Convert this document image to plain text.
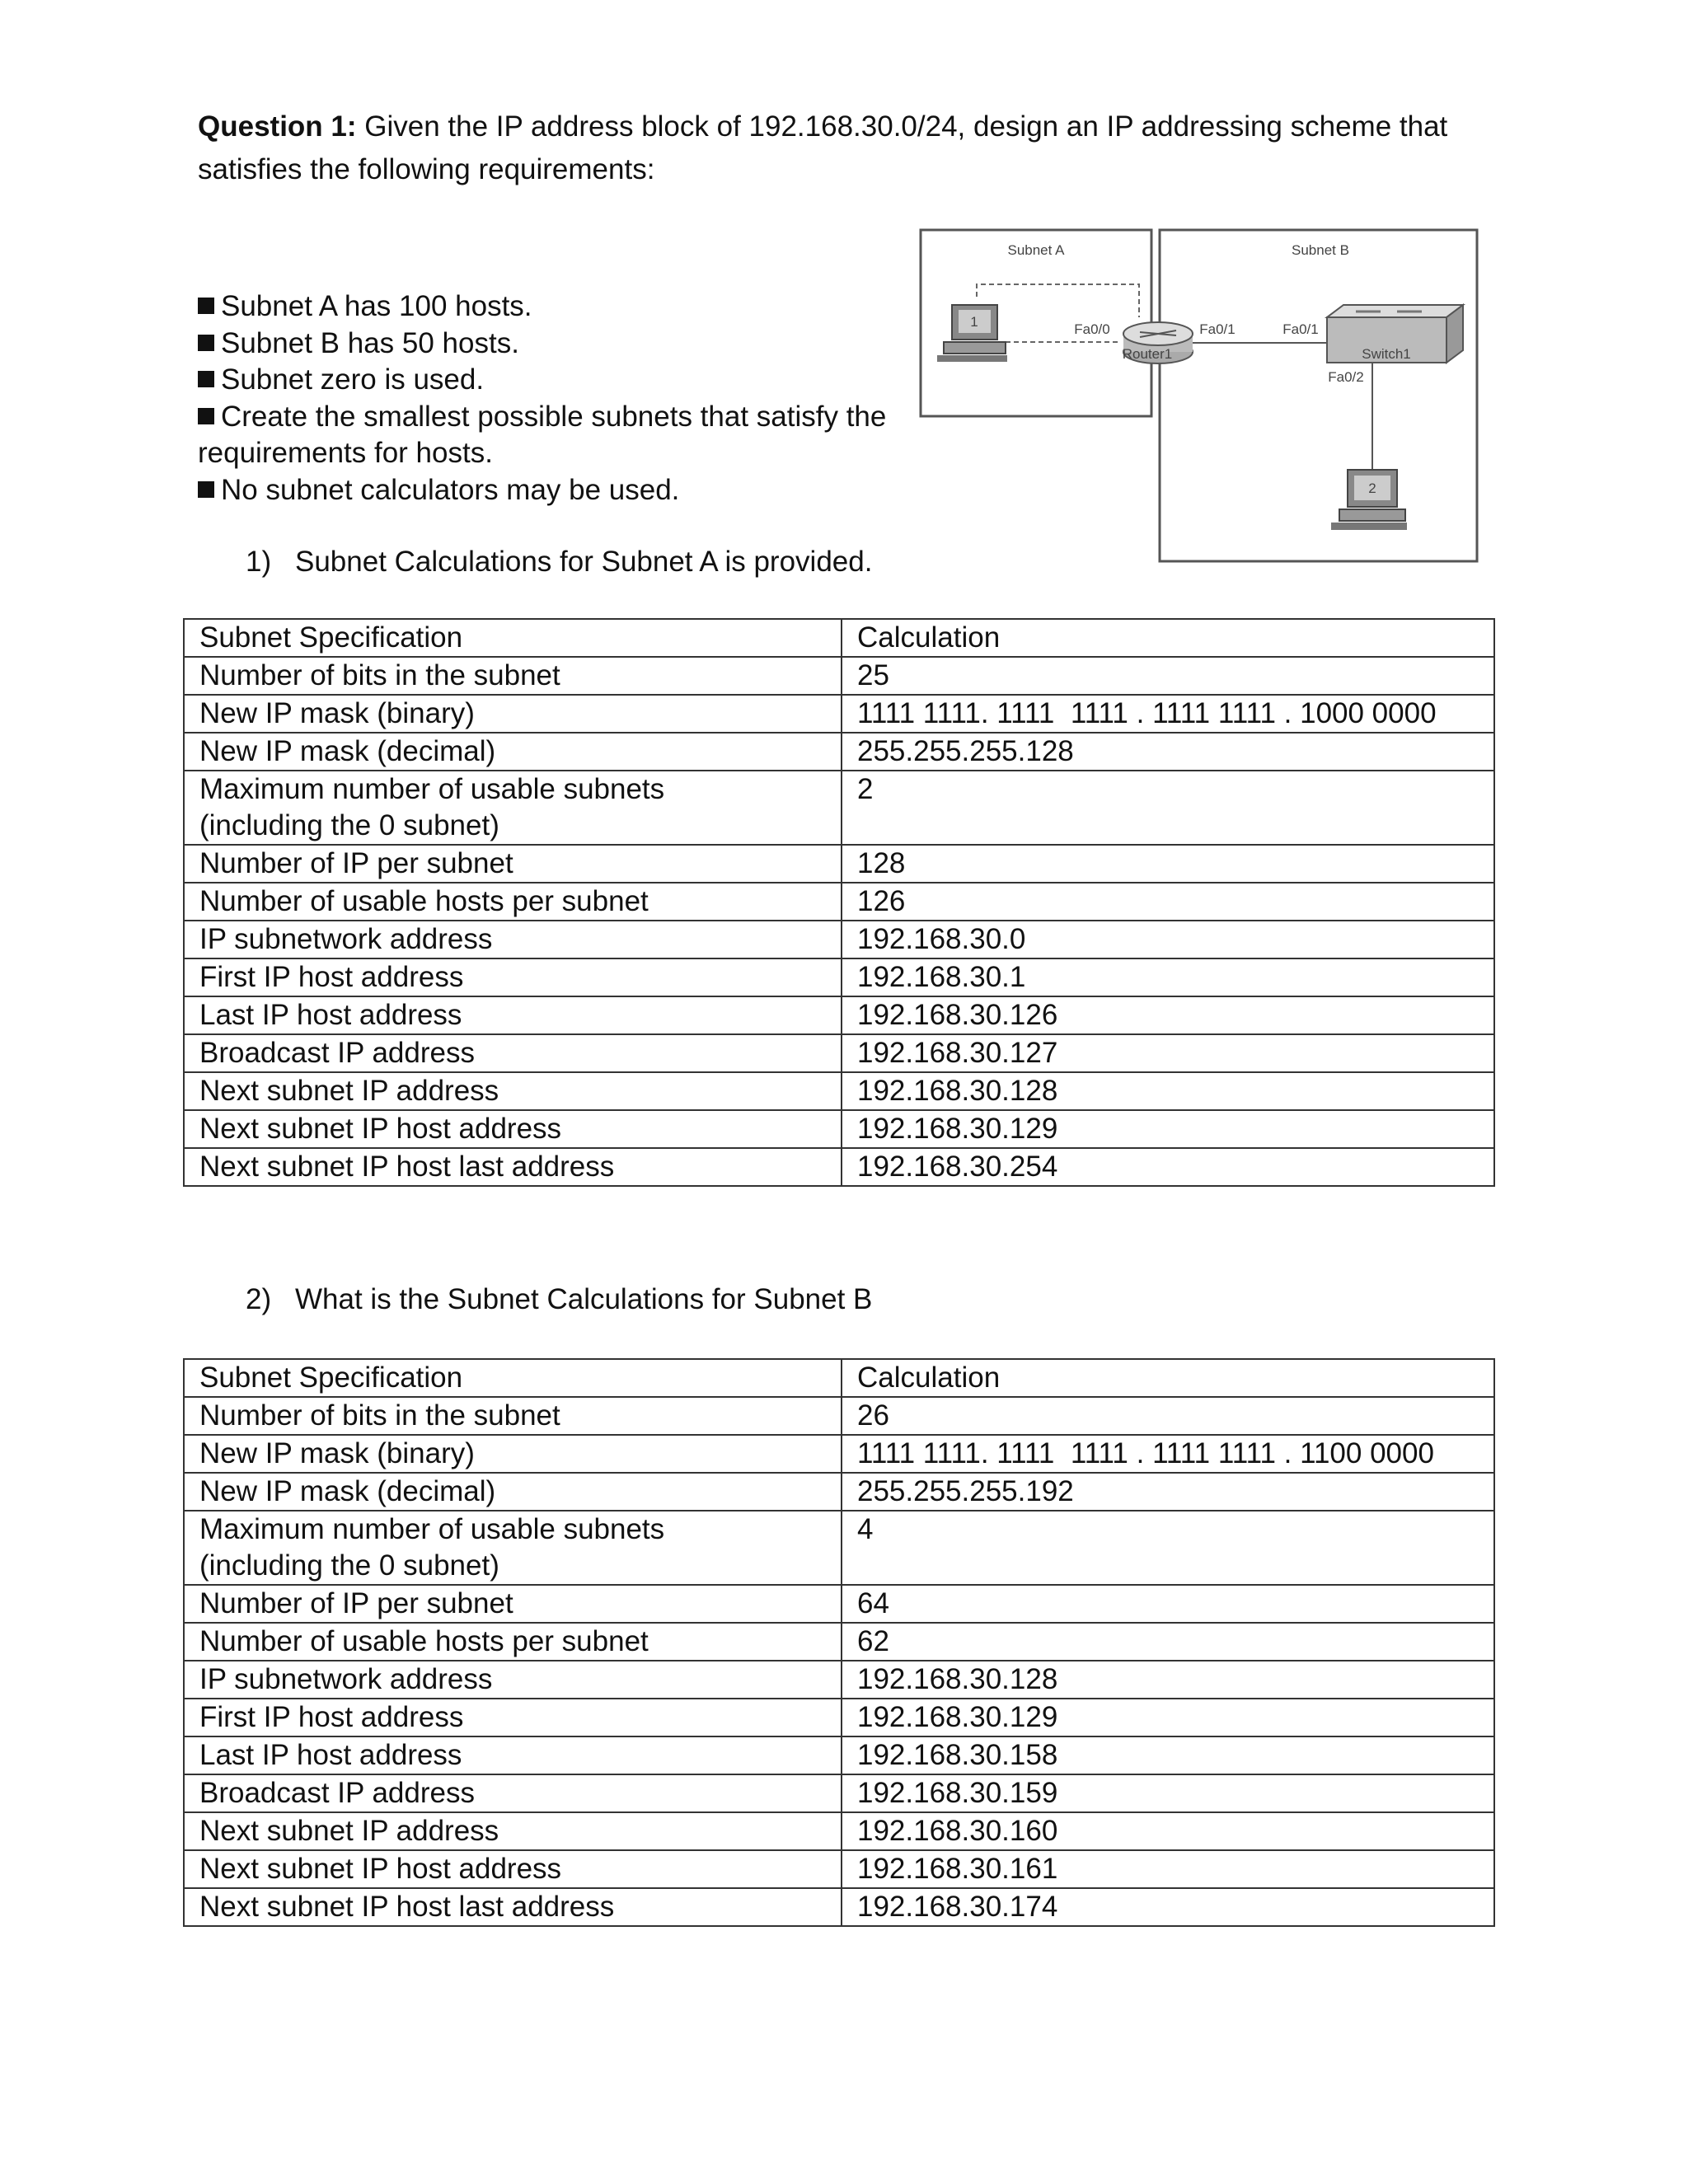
Question 1: Given the IP address block of 192.168.30.0/24, design an IP addressing scheme that satisfies the following requirements:
Subnet A has 100 hosts.
Subnet B has 50 hosts.
Subnet zero is used.
Create the smallest possible subnets that satisfy the requirements for hosts.
No subnet calculators may be used.
Subnet A	Subnet B
1
Router1
Fa0/0	Fa0/1	Fa0/1
Switch1
Fa0/2
2
1) Subnet Calculations for Subnet A is provided.
Subnet Specification	Calculation
Number of bits in the subnet	25
New IP mask (binary)	1111 1111. 1111  1111 . 1111 1111 . 1000 0000
New IP mask (decimal)	255.255.255.128

Maximum number of usable subnets
(including the 0 subnet)	2
Number of IP per subnet	128
Number of usable hosts per subnet	126
IP subnetwork address	192.168.30.0
First IP host address	192.168.30.1
Last IP host address	192.168.30.126
Broadcast IP address	192.168.30.127
Next subnet IP address	192.168.30.128
Next subnet IP host address	192.168.30.129
Next subnet IP host last address	192.168.30.254
2) What is the Subnet Calculations for Subnet B
Subnet Specification	Calculation
Number of bits in the subnet	26
New IP mask (binary)	1111 1111. 1111  1111 . 1111 1111 . 1100 0000
New IP mask (decimal)	255.255.255.192

Maximum number of usable subnets
(including the 0 subnet)	4
Number of IP per subnet	64
Number of usable hosts per subnet	62
IP subnetwork address	192.168.30.128
First IP host address	192.168.30.129
Last IP host address	192.168.30.158
Broadcast IP address	192.168.30.159
Next subnet IP address	192.168.30.160
Next subnet IP host address	192.168.30.161
Next subnet IP host last address	192.168.30.174
